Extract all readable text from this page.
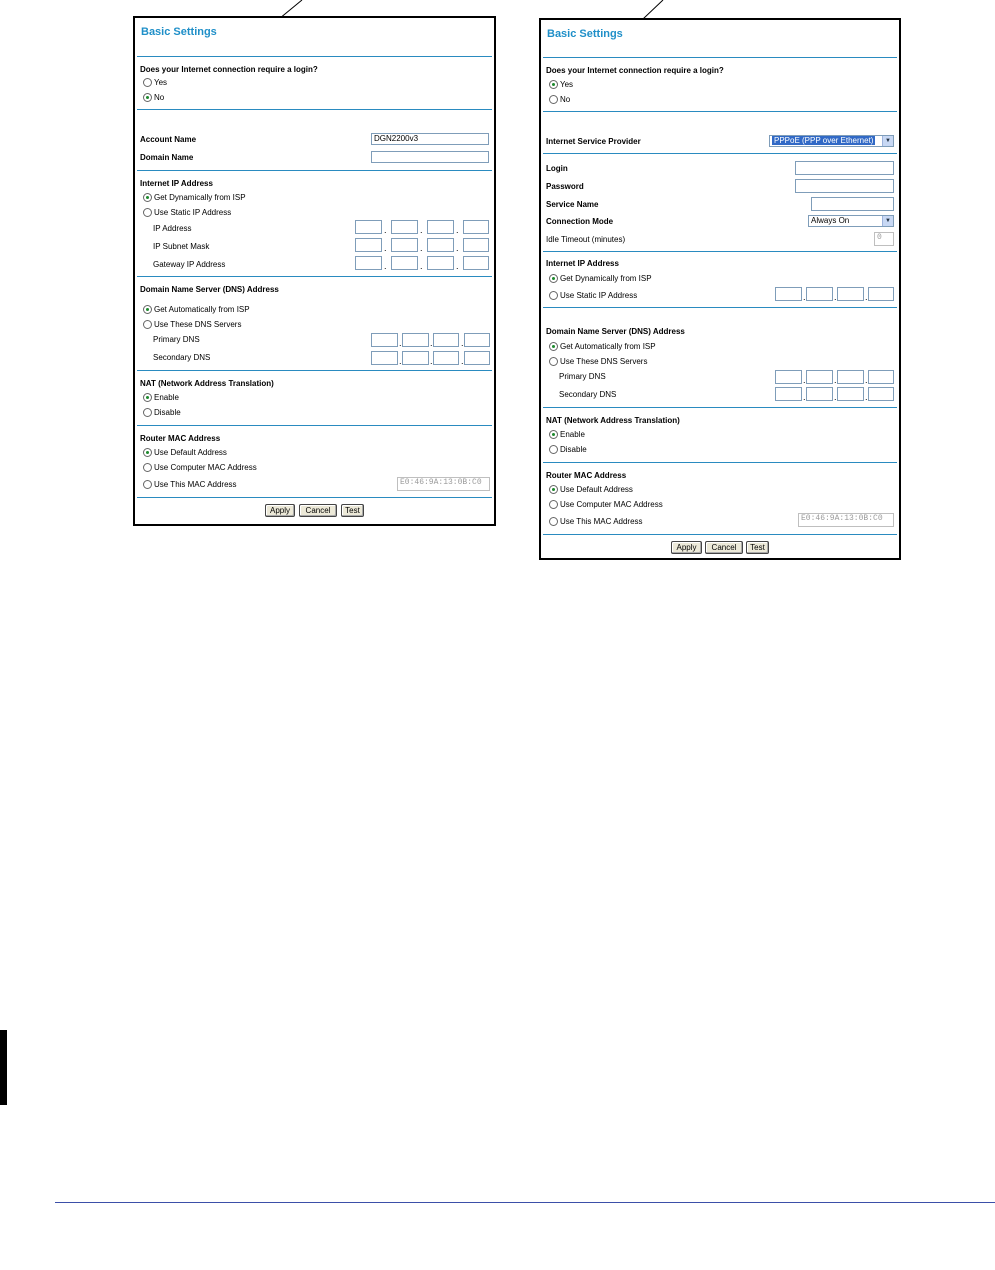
Basic Settings
Does your Internet connection require a login?
Yes
No
Account Name	DGN2200v3
Domain Name
Internet IP Address
Get Dynamically from ISP
Use Static IP Address
IP Address	.	.	.
IP Subnet Mask	.	.	.
Gateway IP Address	.	.	.
Domain Name Server (DNS) Address
Get Automatically from ISP
Use These DNS Servers
Primary DNS	.	.	.
Secondary DNS	.	.	.
NAT (Network Address Translation)
Enable
Disable
Router MAC Address
Use Default Address
Use Computer MAC Address
Use This MAC Address	E0:46:9A:13:0B:C0
Apply	Cancel	Test
Basic Settings
Does your Internet connection require a login?
Yes
No
Internet Service Provider	PPPoE (PPP over Ethernet)	▼
Login
Password
Service Name
Connection Mode	Always On	▼
Idle Timeout (minutes)	0
Internet IP Address
Get Dynamically from ISP
Use Static IP Address	.	.	.
Domain Name Server (DNS) Address
Get Automatically from ISP
Use These DNS Servers
Primary DNS	.	.	.
Secondary DNS	.	.	.
NAT (Network Address Translation)
Enable
Disable
Router MAC Address
Use Default Address
Use Computer MAC Address
Use This MAC Address	E0:46:9A:13:0B:C0
Apply	Cancel	Test
